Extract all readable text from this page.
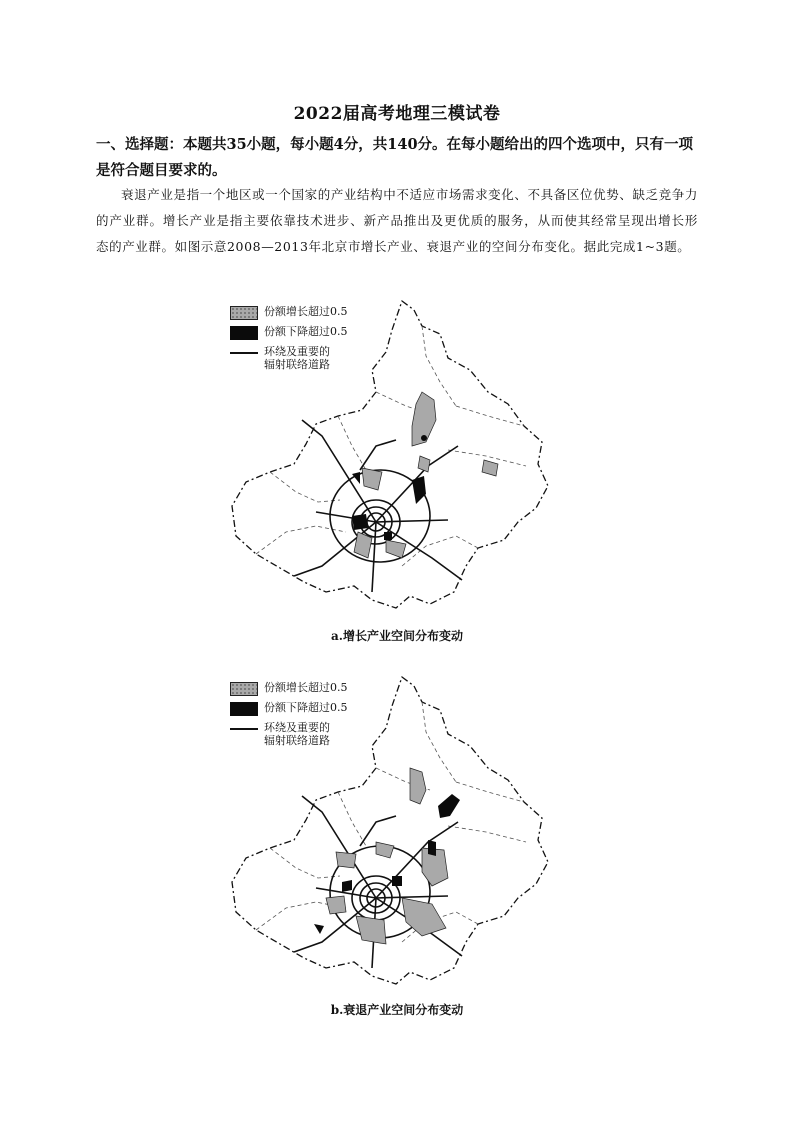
2022届高考地理三模试卷
一、选择题：本题共35小题，每小题4分，共140分。在每小题给出的四个选项中，只有一项是符合题目要求的。
衰退产业是指一个地区或一个国家的产业结构中不适应市场需求变化、不具备区位优势、缺乏竞争力的产业群。增长产业是指主要依靠技术进步、新产品推出及更优质的服务，从而使其经常呈现出增长形态的产业群。如图示意2008—2013年北京市增长产业、衰退产业的空间分布变化。据此完成1~3题。
份额增长超过0.5
份额下降超过0.5
环绕及重要的
辐射联络道路
a.增长产业空间分布变动
份额增长超过0.5
份额下降超过0.5
环绕及重要的
辐射联络道路
b.衰退产业空间分布变动
